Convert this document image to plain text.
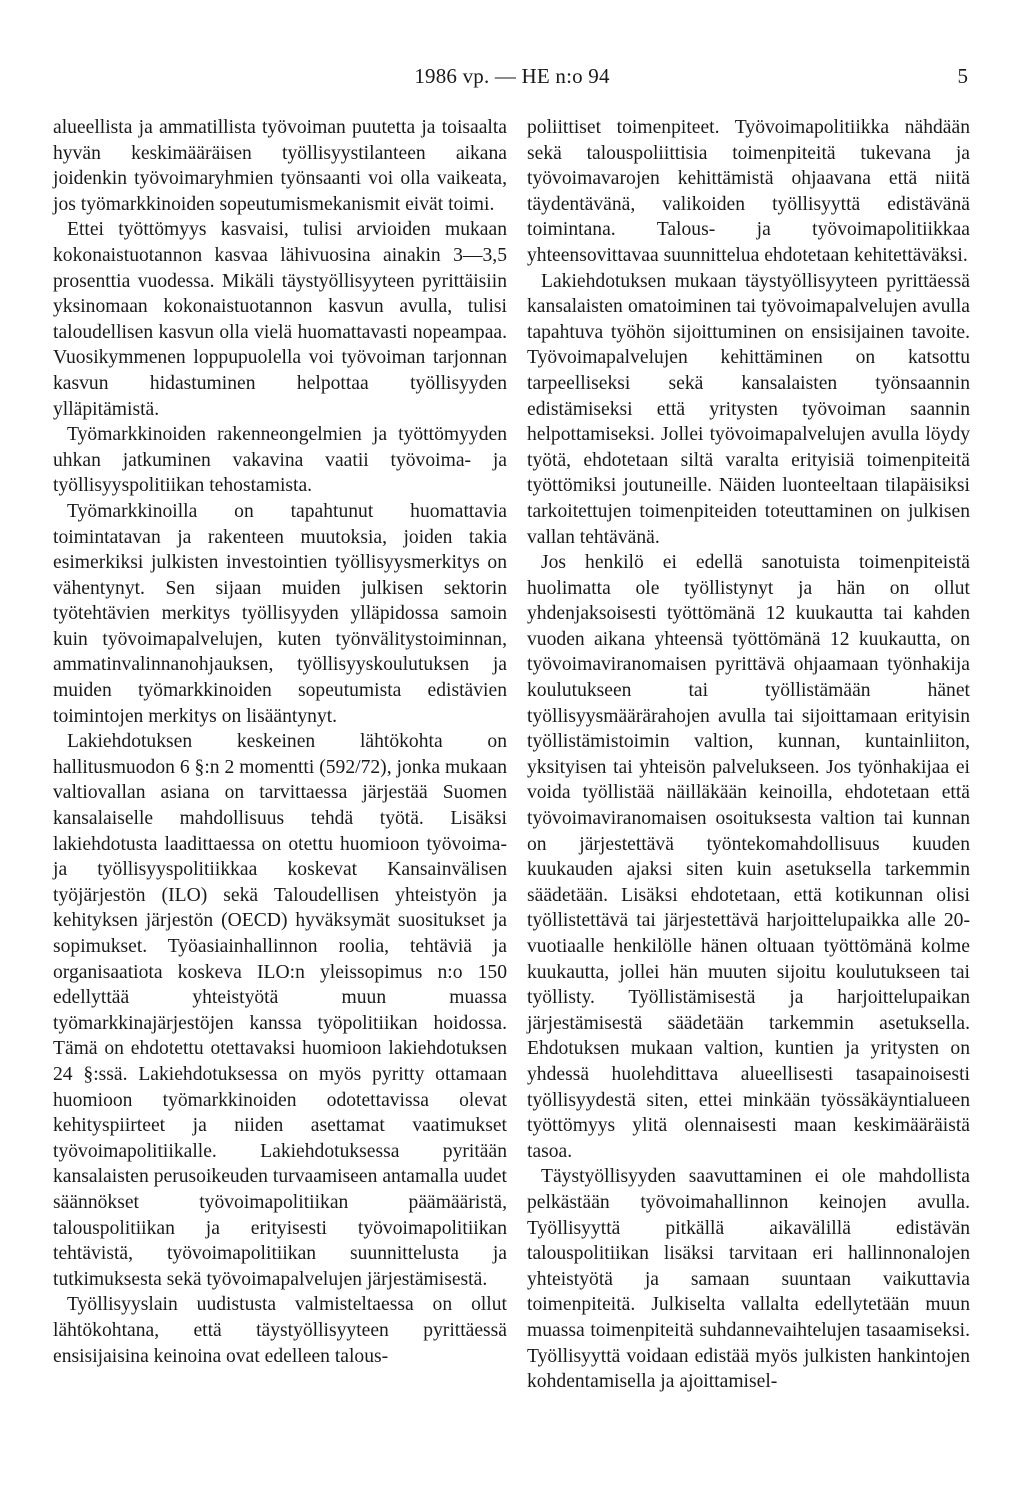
1986 vp. — HE n:o 94	5

alueellista ja ammatillista työvoiman puutetta ja toisaalta hyvän keskimääräisen työllisyystilanteen aikana joidenkin työvoimaryhmien työnsaanti voi olla vaikeata, jos työmarkkinoiden sopeutumismekanismit eivät toimi.

Ettei työttömyys kasvaisi, tulisi arvioiden mukaan kokonaistuotannon kasvaa lähivuosina ainakin 3—3,5 prosenttia vuodessa. Mikäli täystyöllisyyteen pyrittäisiin yksinomaan kokonaistuotannon kasvun avulla, tulisi taloudellisen kasvun olla vielä huomattavasti nopeampaa. Vuosikymmenen loppupuolella voi työvoiman tarjonnan kasvun hidastuminen helpottaa työllisyyden ylläpitämistä.

Työmarkkinoiden rakenneongelmien ja työttömyyden uhkan jatkuminen vakavina vaatii työvoima- ja työllisyyspolitiikan tehostamista.

Työmarkkinoilla on tapahtunut huomattavia toimintatavan ja rakenteen muutoksia, joiden takia esimerkiksi julkisten investointien työllisyysmerkitys on vähentynyt. Sen sijaan muiden julkisen sektorin työtehtävien merkitys työllisyyden ylläpidossa samoin kuin työvoimapalvelujen, kuten työnvälitystoiminnan, ammatinvalinnanohjauksen, työllisyyskoulutuksen ja muiden työmarkkinoiden sopeutumista edistävien toimintojen merkitys on lisääntynyt.

Lakiehdotuksen keskeinen lähtökohta on hallitusmuodon 6 §:n 2 momentti (592/72), jonka mukaan valtiovallan asiana on tarvittaessa järjestää Suomen kansalaiselle mahdollisuus tehdä työtä. Lisäksi lakiehdotusta laadittaessa on otettu huomioon työvoima- ja työllisyyspolitiikkaa koskevat Kansainvälisen työjärjestön (ILO) sekä Taloudellisen yhteistyön ja kehityksen järjestön (OECD) hyväksymät suositukset ja sopimukset. Työasiainhallinnon roolia, tehtäviä ja organisaatiota koskeva ILO:n yleissopimus n:o 150 edellyttää yhteistyötä muun muassa työmarkkinajärjestöjen kanssa työpolitiikan hoidossa. Tämä on ehdotettu otettavaksi huomioon lakiehdotuksen 24 §:ssä. Lakiehdotuksessa on myös pyritty ottamaan huomioon työmarkkinoiden odotettavissa olevat kehityspiirteet ja niiden asettamat vaatimukset työvoimapolitiikalle. Lakiehdotuksessa pyritään kansalaisten perusoikeuden turvaamiseen antamalla uudet säännökset työvoimapolitiikan päämääristä, talouspolitiikan ja erityisesti työvoimapolitiikan tehtävistä, työvoimapolitiikan suunnittelusta ja tutkimuksesta sekä työvoimapalvelujen järjestämisestä.

Työllisyyslain uudistusta valmisteltaessa on ollut lähtökohtana, että täystyöllisyyteen pyrittäessä ensisijaisina keinoina ovat edelleen talous-

poliittiset toimenpiteet. Työvoimapolitiikka nähdään sekä talouspoliittisia toimenpiteitä tukevana ja työvoimavarojen kehittämistä ohjaavana että niitä täydentävänä, valikoiden työllisyyttä edistävänä toimintana. Talous- ja työvoimapolitiikkaa yhteensovittavaa suunnittelua ehdotetaan kehitettäväksi.

Lakiehdotuksen mukaan täystyöllisyyteen pyrittäessä kansalaisten omatoiminen tai työvoimapalvelujen avulla tapahtuva työhön sijoittuminen on ensisijainen tavoite. Työvoimapalvelujen kehittäminen on katsottu tarpeelliseksi sekä kansalaisten työnsaannin edistämiseksi että yritysten työvoiman saannin helpottamiseksi. Jollei työvoimapalvelujen avulla löydy työtä, ehdotetaan siltä varalta erityisiä toimenpiteitä työttömiksi joutuneille. Näiden luonteeltaan tilapäisiksi tarkoitettujen toimenpiteiden toteuttaminen on julkisen vallan tehtävänä.

Jos henkilö ei edellä sanotuista toimenpiteistä huolimatta ole työllistynyt ja hän on ollut yhdenjaksoisesti työttömänä 12 kuukautta tai kahden vuoden aikana yhteensä työttömänä 12 kuukautta, on työvoimaviranomaisen pyrittävä ohjaamaan työnhakija koulutukseen tai työllistämään hänet työllisyysmäärärahojen avulla tai sijoittamaan erityisin työllistämistoimin valtion, kunnan, kuntainliiton, yksityisen tai yhteisön palvelukseen. Jos työnhakijaa ei voida työllistää näilläkään keinoilla, ehdotetaan että työvoimaviranomaisen osoituksesta valtion tai kunnan on järjestettävä työntekomahdollisuus kuuden kuukauden ajaksi siten kuin asetuksella tarkemmin säädetään. Lisäksi ehdotetaan, että kotikunnan olisi työllistettävä tai järjestettävä harjoittelupaikka alle 20-vuotiaalle henkilölle hänen oltuaan työttömänä kolme kuukautta, jollei hän muuten sijoitu koulutukseen tai työllisty. Työllistämisestä ja harjoittelupaikan järjestämisestä säädetään tarkemmin asetuksella. Ehdotuksen mukaan valtion, kuntien ja yritysten on yhdessä huolehdittava alueellisesti tasapainoisesti työllisyydestä siten, ettei minkään työssäkäyntialueen työttömyys ylitä olennaisesti maan keskimääräistä tasoa.

Täystyöllisyyden saavuttaminen ei ole mahdollista pelkästään työvoimahallinnon keinojen avulla. Työllisyyttä pitkällä aikavälillä edistävän talouspolitiikan lisäksi tarvitaan eri hallinnonalojen yhteistyötä ja samaan suuntaan vaikuttavia toimenpiteitä. Julkiselta vallalta edellytetään muun muassa toimenpiteitä suhdannevaihtelujen tasaamiseksi. Työllisyyttä voidaan edistää myös julkisten hankintojen kohdentamisella ja ajoittamisel-
